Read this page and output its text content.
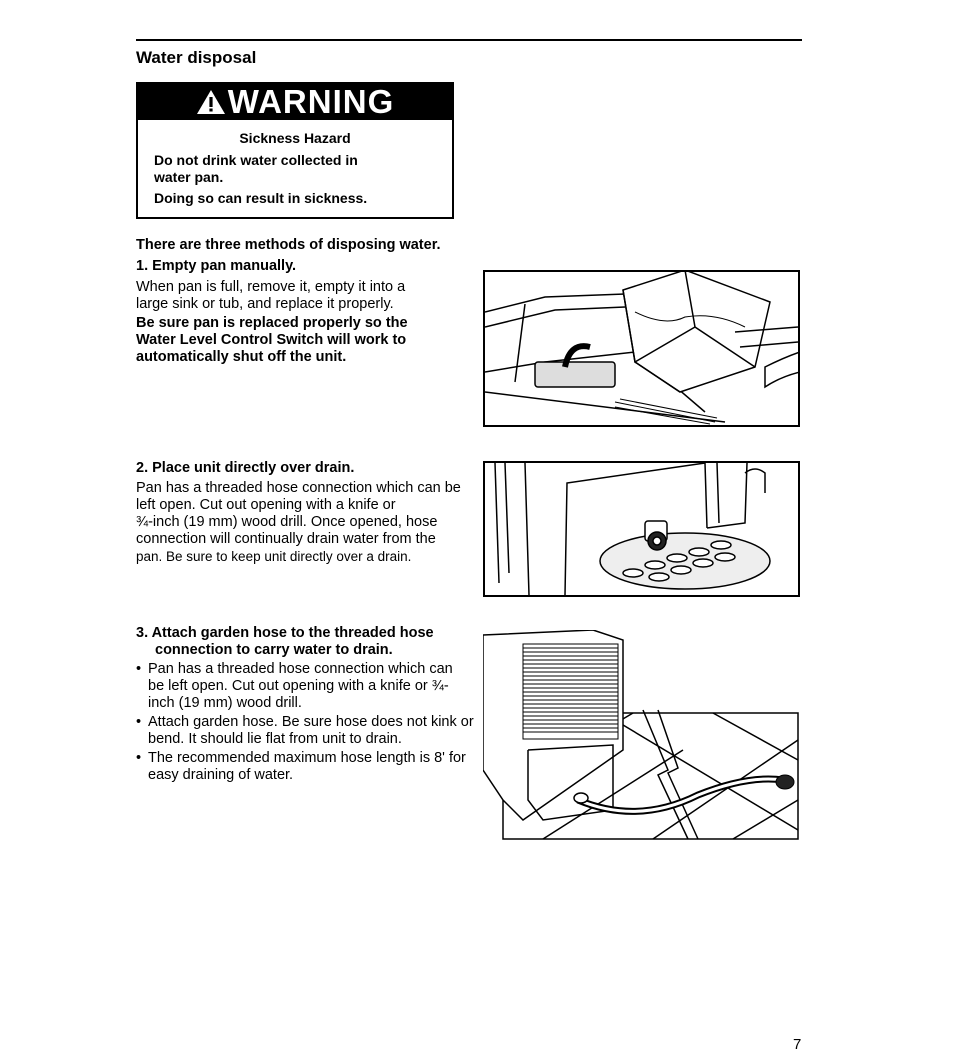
Water disposal
WARNING
Sickness Hazard

Do not drink water collected in water pan.

Doing so can result in sickness.

There are three methods of disposing water.

1. Empty pan manually.

When pan is full, remove it, empty it into a large sink or tub, and replace it properly.

Be sure pan is replaced properly so the Water Level Control Switch will work to automatically shut off the unit.

2. Place unit directly over drain.

Pan has a threaded hose connection which can be left open. Cut out opening with a knife or

¾-inch (19 mm) wood drill. Once opened, hose connection will continually drain water from the

pan. Be sure to keep unit directly over a drain.

3. Attach garden hose to the threaded hose

connection to carry water to drain.

• Pan has a threaded hose connection which can be left open. Cut out opening with a knife or ¾-inch (19 mm) wood drill.
• Attach garden hose. Be sure hose does not kink or bend. It should lie flat from unit to drain.
• The recommended maximum hose length is 8' for easy draining of water.
7
